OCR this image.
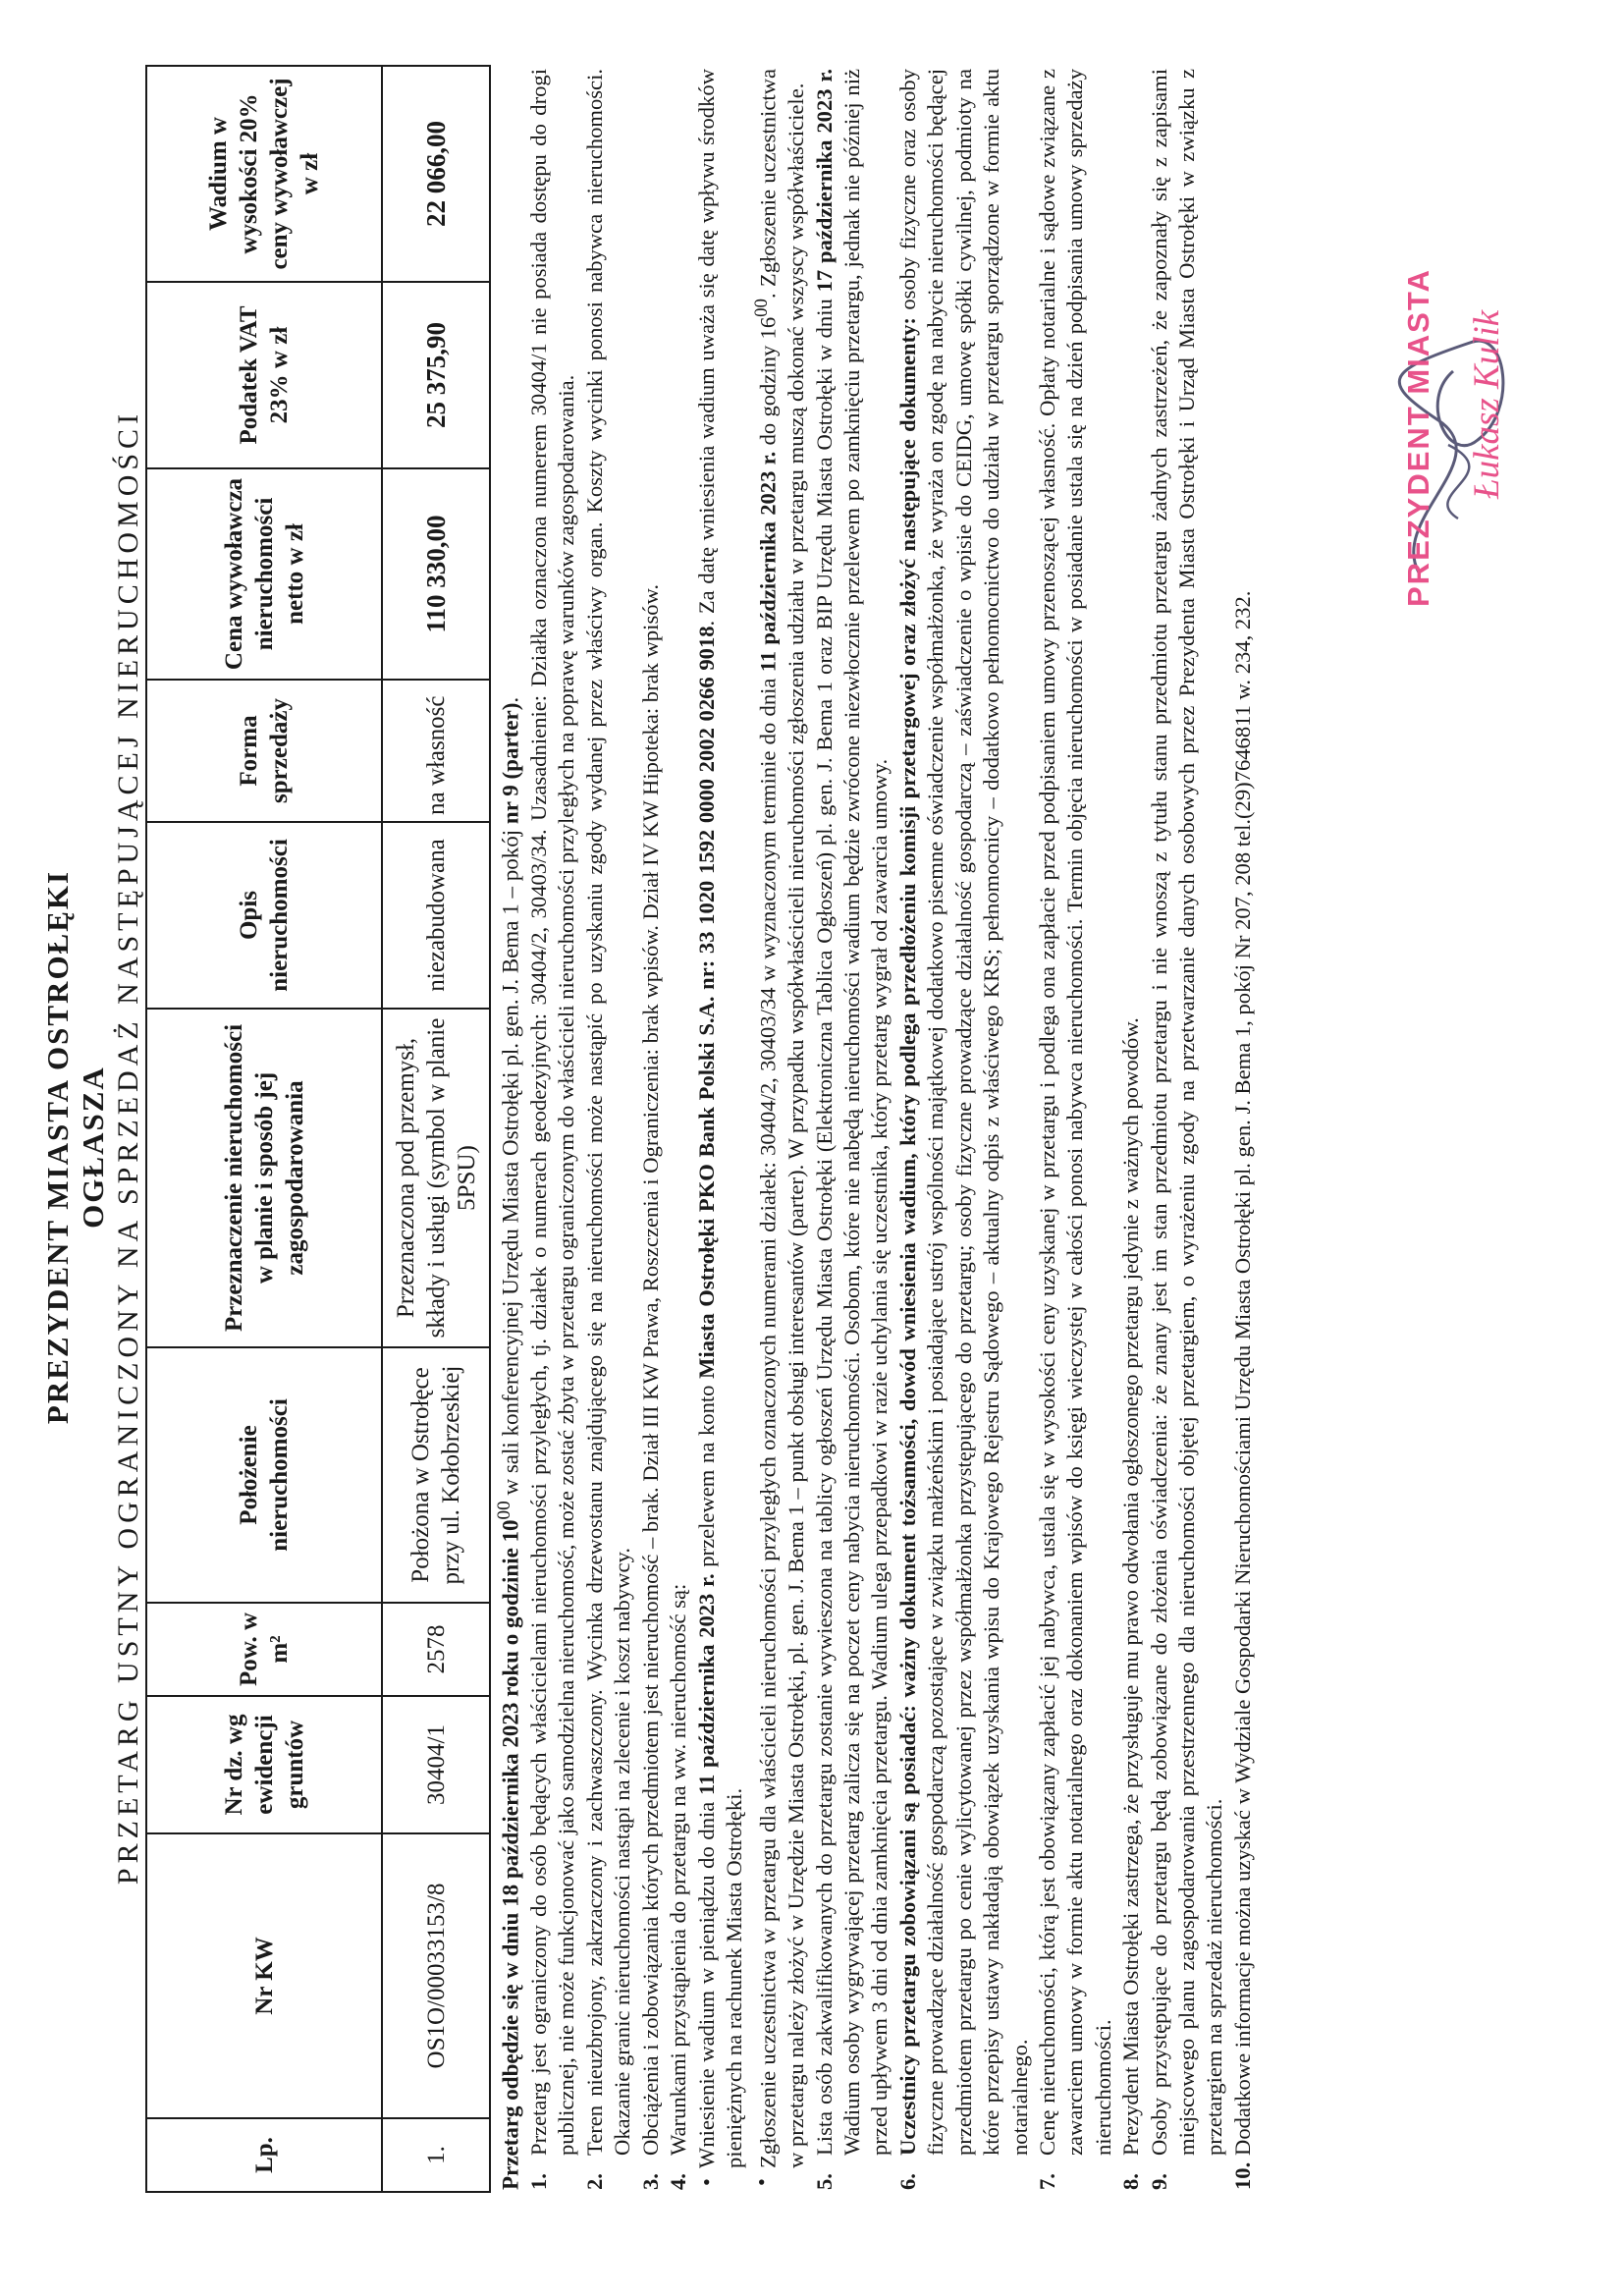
PREZYDENT MIASTA OSTROŁĘKI OGŁASZA PRZETARG USTNY OGRANICZONY NA SPRZEDAŻ NASTĘPUJĄCEJ NIERUCHOMOŚCI
Lp.	Nr KW	Nr dz. wg ewidencji gruntów	Pow. w m²	Położenie nieruchomości	Przeznaczenie nieruchomości w planie i sposób jej zagospodarowania	Opis nieruchomości	Forma sprzedaży	Cena wywoławcza nieruchomości netto w zł	Podatek VAT 23% w zł	Wadium w wysokości 20% ceny wywoławczej w zł
1.	OS1O/00033153/8	30404/1	2578	Położona w Ostrołęce przy ul. Kołobrzeskiej	Przeznaczona pod przemysł, składy i usługi (symbol w planie 5PSU)	niezabudowana	na własność	110 330,00	25 375,90	22 066,00

Przetarg odbędzie się w dniu 18 października 2023 roku o godzinie $10^{00}$ w sali konferencyjnej Urzędu Miasta Ostrołęki pl. gen. J. Bema 1 – pokój nr 9 (parter).

1.
Przetarg jest ograniczony do osób będących właścicielami nieruchomości przyległych, tj. działek o numerach geodezyjnych: 30404/2, 30403/34. Uzasadnienie: Działka oznaczona numerem 30404/1 nie posiada dostępu do drogi publicznej, nie może funkcjonować jako samodzielna nieruchomość, może zostać zbyta w przetargu ograniczonym do właścicieli nieruchomości przyległych na poprawę warunków zagospodarowania.

2.
Teren nieuzbrojony, zakrzaczony i zachwaszczony. Wycinka drzewostanu znajdującego się na nieruchomości może nastąpić po uzyskaniu zgody wydanej przez właściwy organ. Koszty wycinki ponosi nabywca nieruchomości. Okazanie granic nieruchomości nastąpi na zlecenie i koszt nabywcy.

3.
Obciążenia i zobowiązania których przedmiotem jest nieruchomość – brak. Dział III KW Prawa, Roszczenia i Ograniczenia: brak wpisów. Dział IV KW Hipoteka: brak wpisów.

4.
Warunkami przystąpienia do przetargu na ww. nieruchomość są:

•
Wniesienie wadium w pieniądzu do dnia 11 października 2023 r. przelewem na konto Miasta Ostrołęki PKO Bank Polski S.A. nr: 33 1020 1592 0000 2002 0266 9018. Za datę wniesienia wadium uważa się datę wpływu środków pieniężnych na rachunek Miasta Ostrołęki.

•
Zgłoszenie uczestnictwa w przetargu dla właścicieli nieruchomości przyległych oznaczonych numerami działek: 30404/2, 30403/34 w wyznaczonym terminie do dnia 11 października 2023 r. do godziny $16^{00}$. Zgłoszenie uczestnictwa w przetargu należy złożyć w Urzędzie Miasta Ostrołęki, pl. gen. J. Bema 1 – punkt obsługi interesantów (parter). W przypadku współwłaścicieli nieruchomości zgłoszenia udziału w przetargu muszą dokonać wszyscy współwłaściciele.

5.
Lista osób zakwalifikowanych do przetargu zostanie wywieszona na tablicy ogłoszeń Urzędu Miasta Ostrołęki (Elektroniczna Tablica Ogłoszeń) pl. gen. J. Bema 1 oraz BIP Urzędu Miasta Ostrołęki w dniu 17 października 2023 r. Wadium osoby wygrywającej przetarg zalicza się na poczet ceny nabycia nieruchomości. Osobom, które nie nabędą nieruchomości wadium będzie zwrócone niezwłocznie przelewem po zamknięciu przetargu, jednak nie później niż przed upływem 3 dni od dnia zamknięcia przetargu. Wadium ulega przepadkowi w razie uchylania się uczestnika, który przetarg wygrał od zawarcia umowy.

6.
Uczestnicy przetargu zobowiązani są posiadać: ważny dokument tożsamości, dowód wniesienia wadium, który podlega przedłożeniu komisji przetargowej oraz złożyć następujące dokumenty: osoby fizyczne oraz osoby fizyczne prowadzące działalność gospodarczą pozostające w związku małżeńskim i posiadające ustrój wspólności majątkowej dodatkowo pisemne oświadczenie współmałżonka, że wyraża on zgodę na nabycie nieruchomości będącej przedmiotem przetargu po cenie wylicytowanej przez współmałżonka przystępującego do przetargu; osoby fizyczne prowadzące działalność gospodarczą – zaświadczenie o wpisie do CEIDG, umowę spółki cywilnej, podmioty na które przepisy ustawy nakładają obowiązek uzyskania wpisu do Krajowego Rejestru Sądowego – aktualny odpis z właściwego KRS; pełnomocnicy – dodatkowo pełnomocnictwo do udziału w przetargu sporządzone w formie aktu notarialnego.

7.
Cenę nieruchomości, którą jest obowiązany zapłacić jej nabywca, ustala się w wysokości ceny uzyskanej w przetargu i podlega ona zapłacie przed podpisaniem umowy przenoszącej własność. Opłaty notarialne i sądowe związane z zawarciem umowy w formie aktu notarialnego oraz dokonaniem wpisów do księgi wieczystej w całości ponosi nabywca nieruchomości. Termin objęcia nieruchomości w posiadanie ustala się na dzień podpisania umowy sprzedaży nieruchomości.

8.
Prezydent Miasta Ostrołęki zastrzega, że przysługuje mu prawo odwołania ogłoszonego przetargu jedynie z ważnych powodów.

9.
Osoby przystępujące do przetargu będą zobowiązane do złożenia oświadczenia: że znany jest im stan przedmiotu przetargu i nie wnoszą z tytułu stanu przedmiotu przetargu żadnych zastrzeżeń, że zapoznały się z zapisami miejscowego planu zagospodarowania przestrzennego dla nieruchomości objętej przetargiem, o wyrażeniu zgody na przetwarzanie danych osobowych przez Prezydenta Miasta Ostrołęki i Urząd Miasta Ostrołęki w związku z przetargiem na sprzedaż nieruchomości.

10.
Dodatkowe informacje można uzyskać w Wydziale Gospodarki Nieruchomościami Urzędu Miasta Ostrołęki pl. gen. J. Bema 1, pokój Nr 207, 208 tel.(29)7646811 w. 234, 232.

PREZYDENT MIASTA Łukasz Kulik
